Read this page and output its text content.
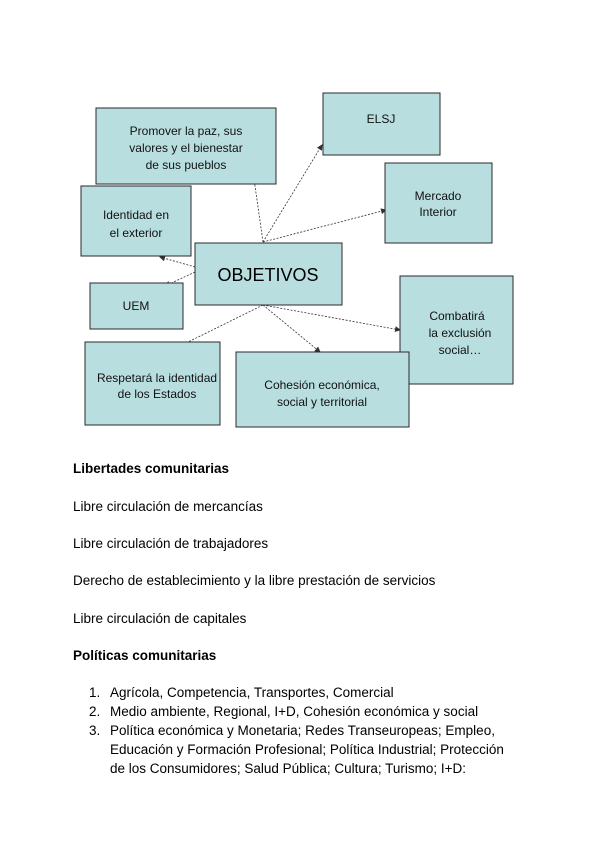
Promover la paz, sus valores y el bienestar de sus pueblos
ELSJ
Mercado Interior
Identidad en el exterior
OBJETIVOS
UEM
Combatirá la exclusión social…
Respetará la identidad de los Estados
Cohesión económica, social y territorial
Libertades comunitarias
Libre circulación de mercancías
Libre circulación de trabajadores
Derecho de establecimiento y la libre prestación de servicios
Libre circulación de capitales
Políticas comunitarias
1. Agrícola, Competencia, Transportes, Comercial
2. Medio ambiente, Regional, I+D, Cohesión económica y social
3. Política económica y Monetaria; Redes Transeuropeas; Empleo,
Educación y Formación Profesional; Política Industrial; Protección
de los Consumidores; Salud Pública; Cultura; Turismo; I+D:
